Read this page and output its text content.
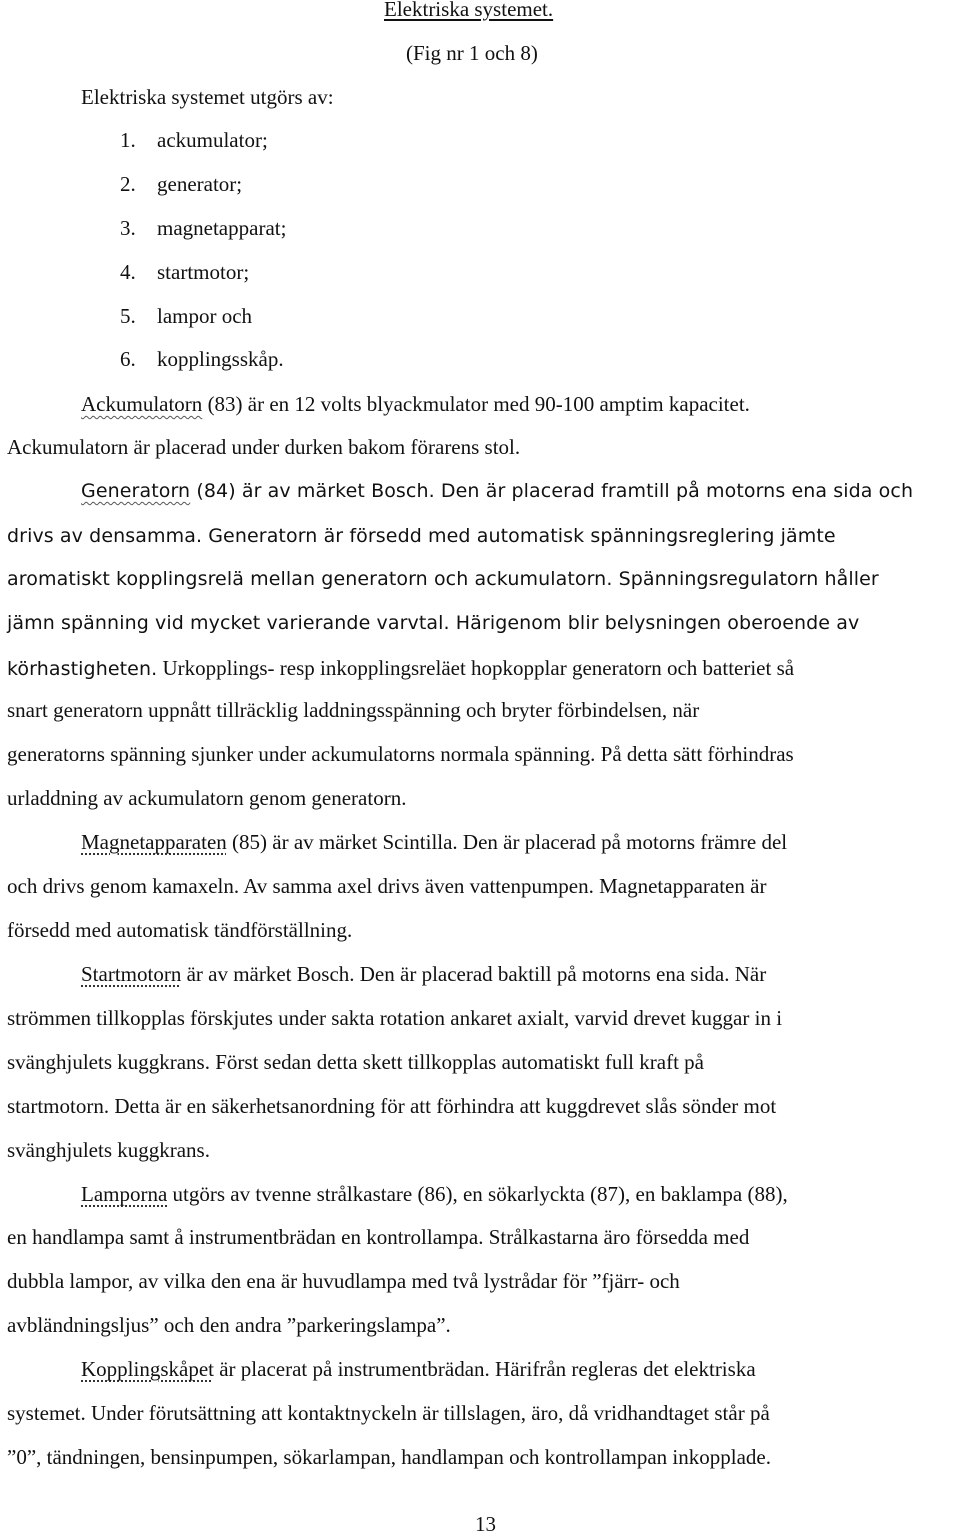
Elektriska systemet.
(Fig nr 1 och 8)
Elektriska systemet utgörs av:
1. ackumulator;
2. generator;
3. magnetapparat;
4. startmotor;
5. lampor och
6. kopplingsskåp.
Ackumulatorn (83) är en 12 volts blyackmulator med 90-100 amptim kapacitet.
Ackumulatorn är placerad under durken bakom förarens stol.
Generatorn (84) är av märket Bosch. Den är placerad framtill på motorns ena sida och
drivs av densamma. Generatorn är försedd med automatisk spänningsreglering jämte
aromatiskt kopplingsrelä mellan generatorn och ackumulatorn. Spänningsregulatorn håller
jämn spänning vid mycket varierande varvtal. Härigenom blir belysningen oberoende av
körhastigheten. Urkopplings- resp inkopplingsreläet hopkopplar generatorn och batteriet så
snart generatorn uppnått tillräcklig laddningsspänning och bryter förbindelsen, när
generatorns spänning sjunker under ackumulatorns normala spänning. På detta sätt förhindras
urladdning av ackumulatorn genom generatorn.
Magnetapparaten (85) är av märket Scintilla. Den är placerad på motorns främre del
och drivs genom kamaxeln. Av samma axel drivs även vattenpumpen. Magnetapparaten är
försedd med automatisk tändförställning.
Startmotorn är av märket Bosch. Den är placerad baktill på motorns ena sida. När
strömmen tillkopplas förskjutes under sakta rotation ankaret axialt, varvid drevet kuggar in i
svänghjulets kuggkrans. Först sedan detta skett tillkopplas automatiskt full kraft på
startmotorn. Detta är en säkerhetsanordning för att förhindra att kuggdrevet slås sönder mot
svänghjulets kuggkrans.
Lamporna utgörs av tvenne strålkastare (86), en sökarlyckta (87), en baklampa (88),
en handlampa samt å instrumentbrädan en kontrollampa. Strålkastarna äro försedda med
dubbla lampor, av vilka den ena är huvudlampa med två lystrådar för ”fjärr- och
avbländningsljus” och den andra ”parkeringslampa”.
Kopplingskåpet är placerat på instrumentbrädan. Härifrån regleras det elektriska
systemet. Under förutsättning att kontaktnyckeln är tillslagen, äro, då vridhandtaget står på
”0”, tändningen, bensinpumpen, sökarlampan, handlampan och kontrollampan inkopplade.
13
